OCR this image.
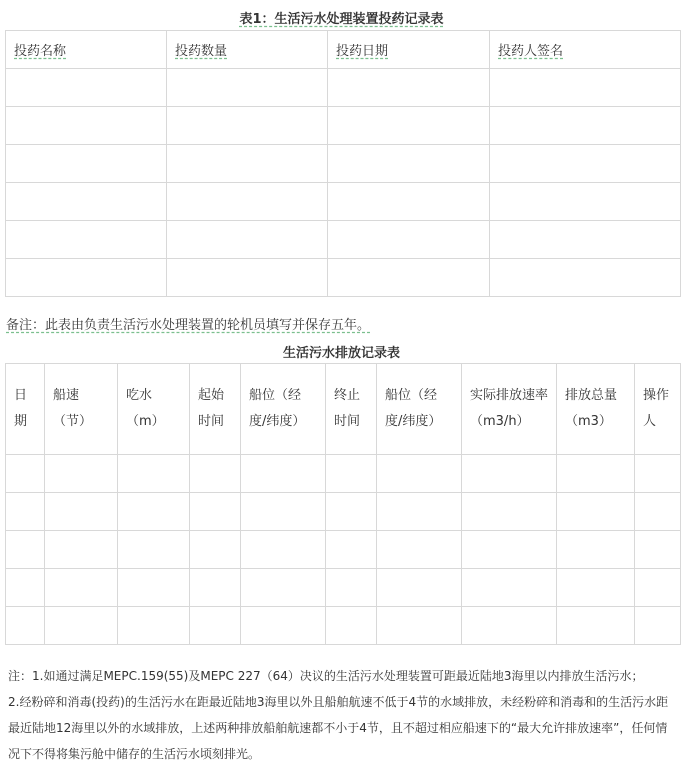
表1：生活污水处理装置投药记录表
投药名称	投药数量	投药日期	投药人签名

备注：此表由负责生活污水处理装置的轮机员填写并保存五年。
生活污水排放记录表
日期	船速（节）	吃水（m）	起始时间	船位（经度/纬度）	终止时间	船位（经度/纬度）	实际排放速率（m3/h）	排放总量（m3）	操作人

注：1.如通过满足MEPC.159(55)及MEPC 227（64）决议的生活污水处理装置可距最近陆地3海里以内排放生活污水；
2.经粉碎和消毒(投药)的生活污水在距最近陆地3海里以外且船舶航速不低于4节的水域排放，未经粉碎和消毒和的生活污水距最近陆地12海里以外的水域排放，上述两种排放船舶航速都不小于4节，且不超过相应船速下的“最大允许排放速率”，任何情况下不得将集污舱中储存的生活污水顷刻排光。
